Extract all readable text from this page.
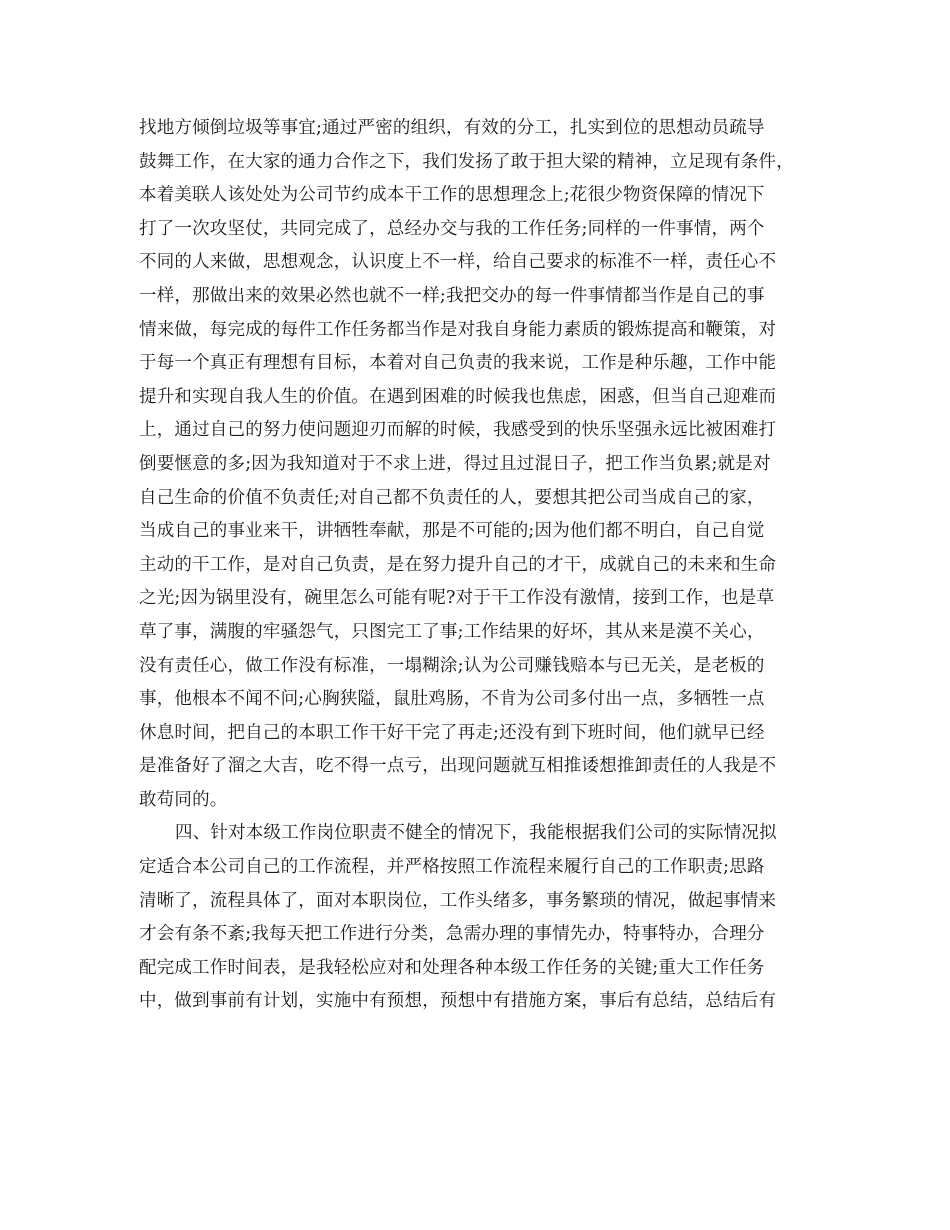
找地方倾倒垃圾等事宜;通过严密的组织，有效的分工，扎实到位的思想动员疏导
鼓舞工作，在大家的通力合作之下，我们发扬了敢于担大梁的精神，立足现有条件，
本着美联人该处处为公司节约成本干工作的思想理念上;花很少物资保障的情况下
打了一次攻坚仗，共同完成了，总经办交与我的工作任务;同样的一件事情，两个
不同的人来做，思想观念，认识度上不一样，给自己要求的标准不一样，责任心不
一样，那做出来的效果必然也就不一样;我把交办的每一件事情都当作是自己的事
情来做，每完成的每件工作任务都当作是对我自身能力素质的锻炼提高和鞭策，对
于每一个真正有理想有目标，本着对自己负责的我来说，工作是种乐趣，工作中能
提升和实现自我人生的价值。在遇到困难的时候我也焦虑，困惑，但当自己迎难而
上，通过自己的努力使问题迎刃而解的时候，我感受到的快乐坚强永远比被困难打
倒要惬意的多;因为我知道对于不求上进，得过且过混日子，把工作当负累;就是对
自己生命的价值不负责任;对自己都不负责任的人，要想其把公司当成自己的家，
当成自己的事业来干，讲牺牲奉献，那是不可能的;因为他们都不明白，自己自觉
主动的干工作，是对自己负责，是在努力提升自己的才干，成就自己的未来和生命
之光;因为锅里没有，碗里怎么可能有呢?对于干工作没有激情，接到工作，也是草
草了事，满腹的牢骚怨气，只图完工了事;工作结果的好坏，其从来是漠不关心，
没有责任心，做工作没有标准，一塌糊涂;认为公司赚钱赔本与已无关，是老板的
事，他根本不闻不问;心胸狭隘，鼠肚鸡肠，不肯为公司多付出一点，多牺牲一点
休息时间，把自己的本职工作干好干完了再走;还没有到下班时间，他们就早已经
是准备好了溜之大吉，吃不得一点亏，出现问题就互相推诿想推卸责任的人我是不
敢苟同的。
四、针对本级工作岗位职责不健全的情况下，我能根据我们公司的实际情况拟
定适合本公司自己的工作流程，并严格按照工作流程来履行自己的工作职责;思路
清晰了，流程具体了，面对本职岗位，工作头绪多，事务繁琐的情况，做起事情来
才会有条不紊;我每天把工作进行分类，急需办理的事情先办，特事特办，合理分
配完成工作时间表，是我轻松应对和处理各种本级工作任务的关键;重大工作任务
中，做到事前有计划，实施中有预想，预想中有措施方案，事后有总结，总结后有
